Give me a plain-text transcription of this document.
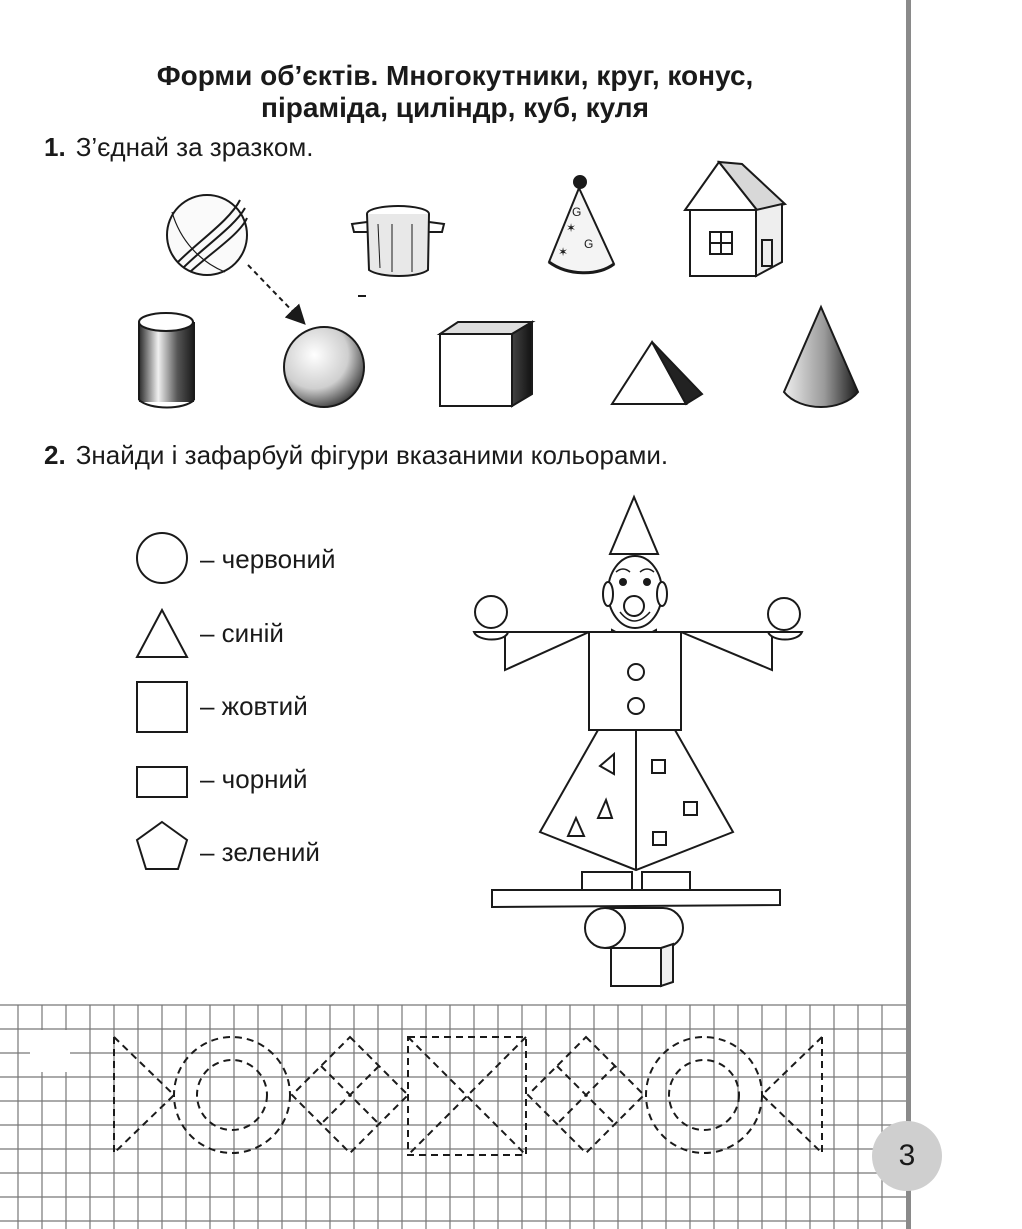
Форми об’єктів. Многокутники, круг, конус,
піраміда, циліндр, куб, куля
1. З’єднай за зразком.
2. Знайди і зафарбуй фігури вказаними кольорами.
✶
G
G
✶
– червоний
– синій
– жовтий
– чорний
– зелений
3
